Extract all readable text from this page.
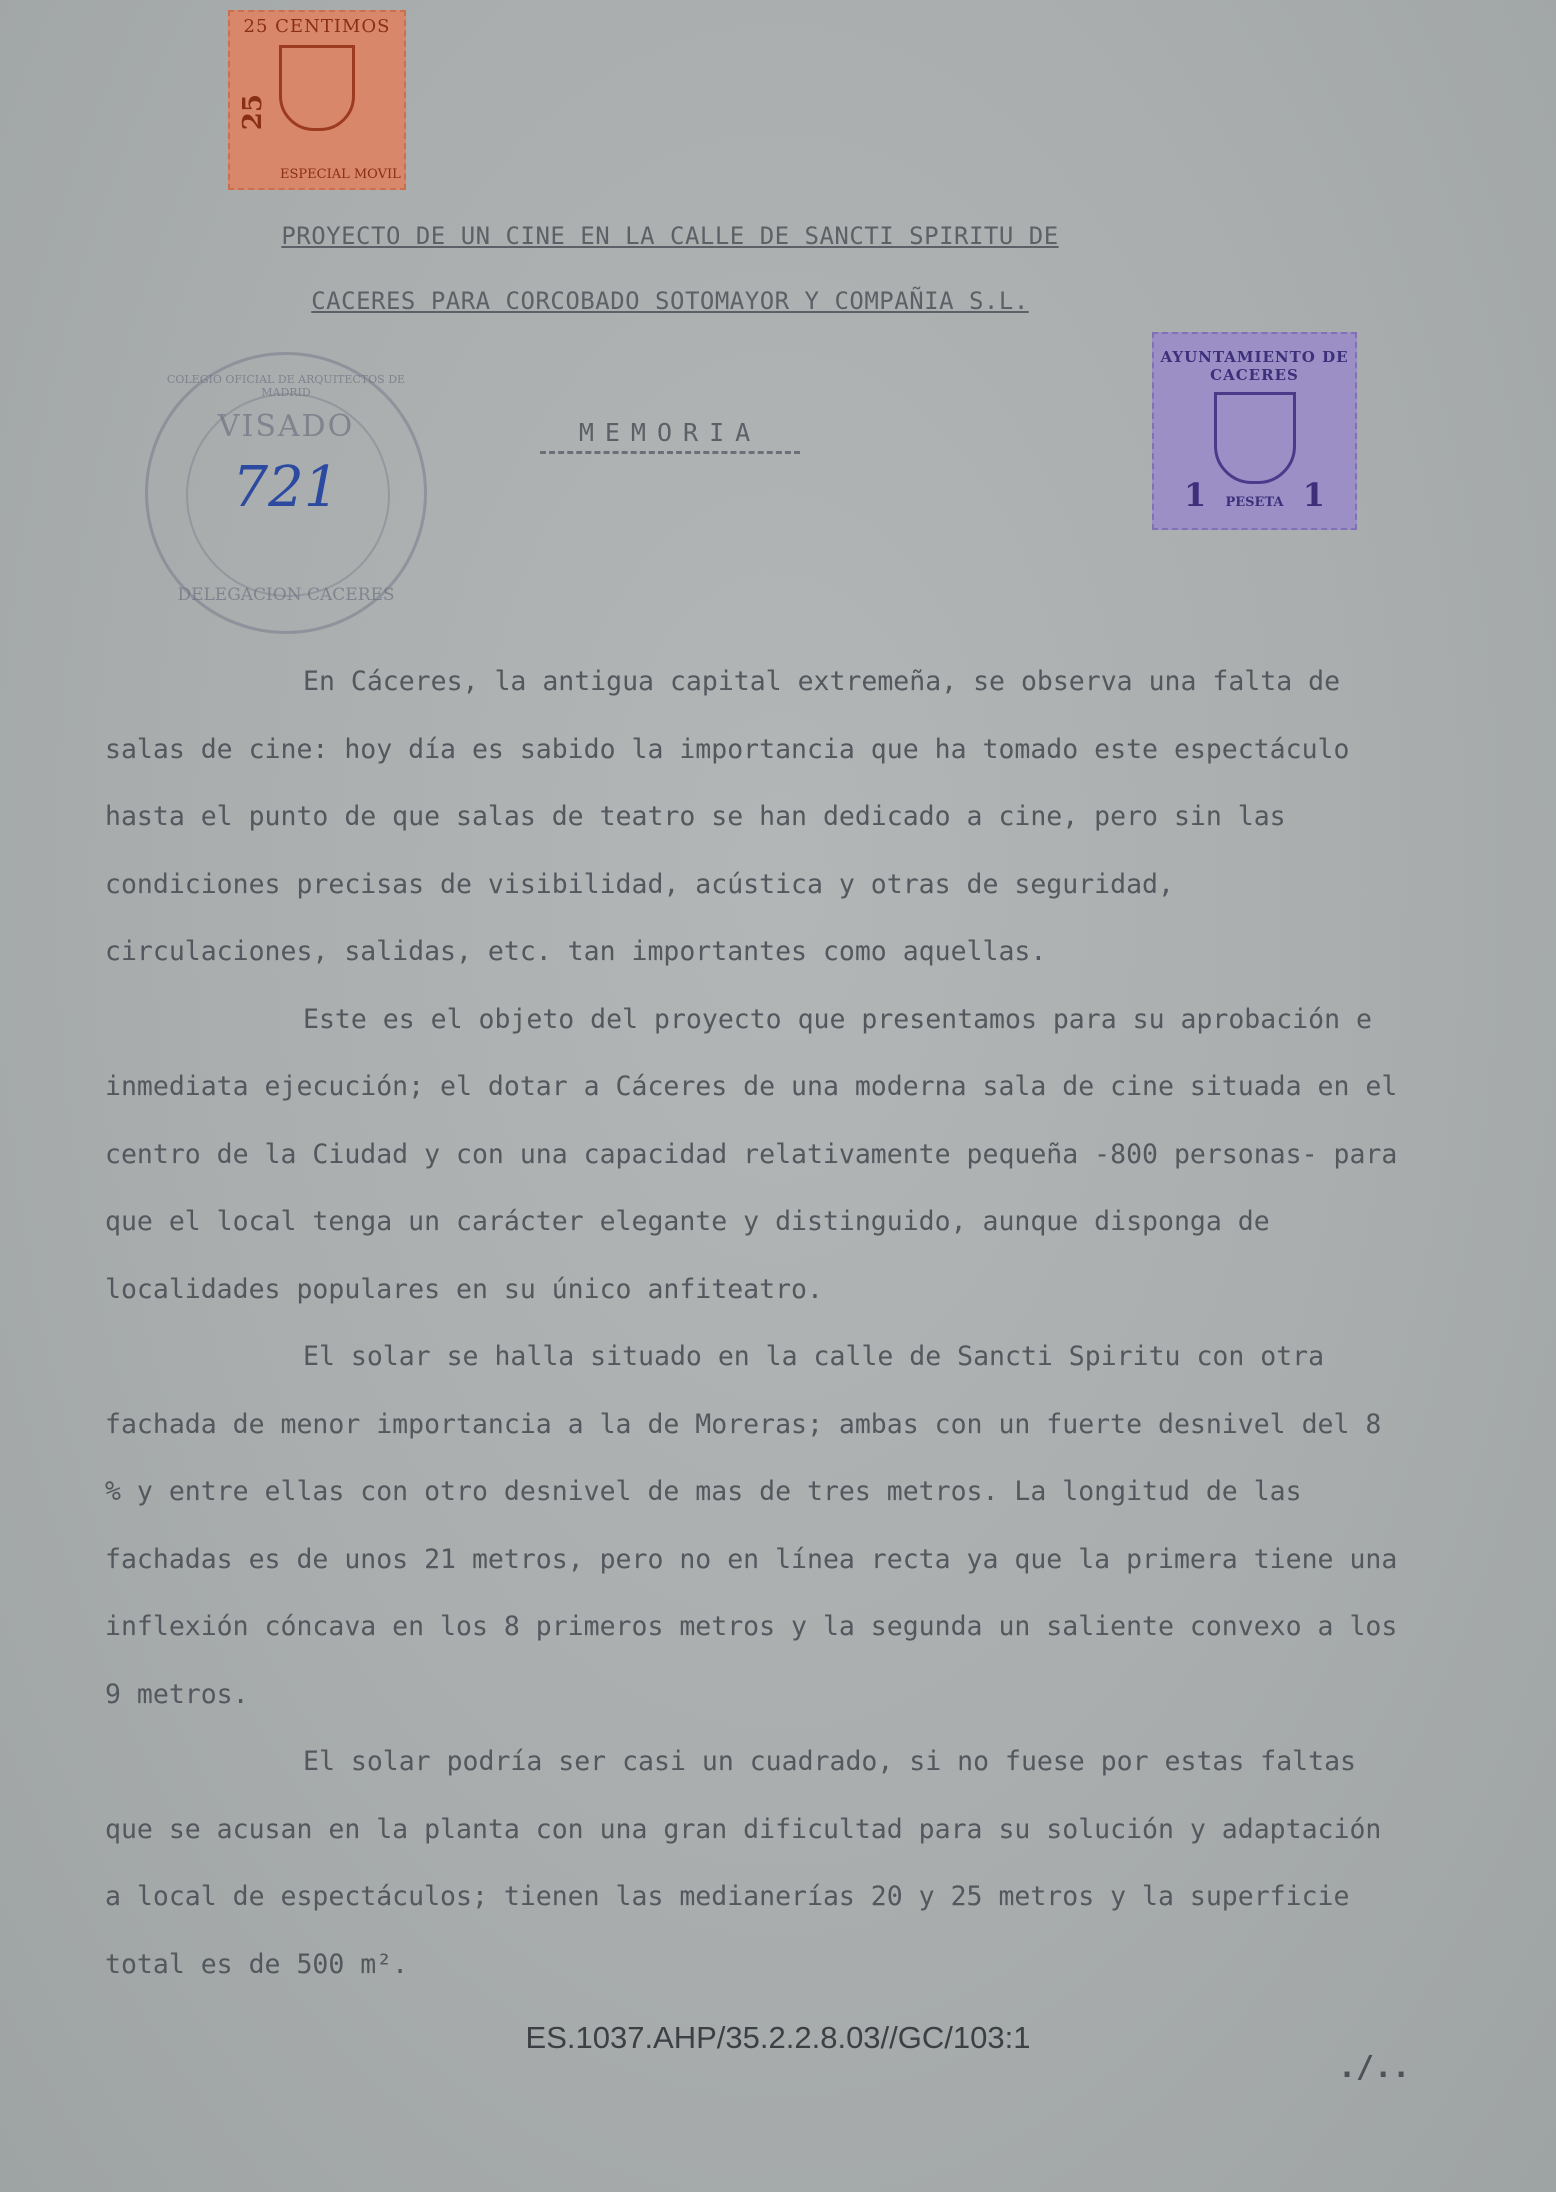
25 CENTIMOS
25
ESPECIAL MOVIL
PROYECTO DE UN CINE EN LA CALLE DE SANCTI SPIRITU DE
CACERES PARA CORCOBADO SOTOMAYOR Y COMPAÑIA S.L.
AYUNTAMIENTO DE CACERES
1	PESETA 1
COLEGIO OFICIAL DE ARQUITECTOS DE MADRID
VISADO
721
DELEGACION CACERES
MEMORIA

En Cáceres, la antigua capital extremeña, se observa una falta de salas de cine: hoy día es sabido la importancia que ha tomado este espectáculo hasta el punto de que salas de teatro se han dedicado a cine, pero sin las condiciones precisas de visibilidad, acústica y otras de seguridad, circulaciones, salidas, etc. tan importantes como aquellas.

Este es el objeto del proyecto que presentamos para su aprobación e inmediata ejecución; el dotar a Cáceres de una moderna sala de cine situada en el centro de la Ciudad y con una capacidad relativamente pequeña -800 personas- para que el local tenga un carácter elegante y distinguido, aunque disponga de localidades populares en su único anfiteatro.

El solar se halla situado en la calle de Sancti Spiritu con otra fachada de menor importancia a la de Moreras; ambas con un fuerte desnivel del 8 % y entre ellas con otro desnivel de mas de tres metros. La longitud de las fachadas es de unos 21 metros, pero no en línea recta ya que la primera tiene una inflexión cóncava en los 8 primeros metros y la segunda un saliente convexo a los 9 metros.

El solar podría ser casi un cuadrado, si no fuese por estas faltas que se acusan en la planta con una gran dificultad para su solución y adaptación a local de espectáculos; tienen las medianerías 20 y 25 metros y la superficie total es de 500 m².

ES.1037.AHP/35.2.2.8.03//GC/103:1
./..
